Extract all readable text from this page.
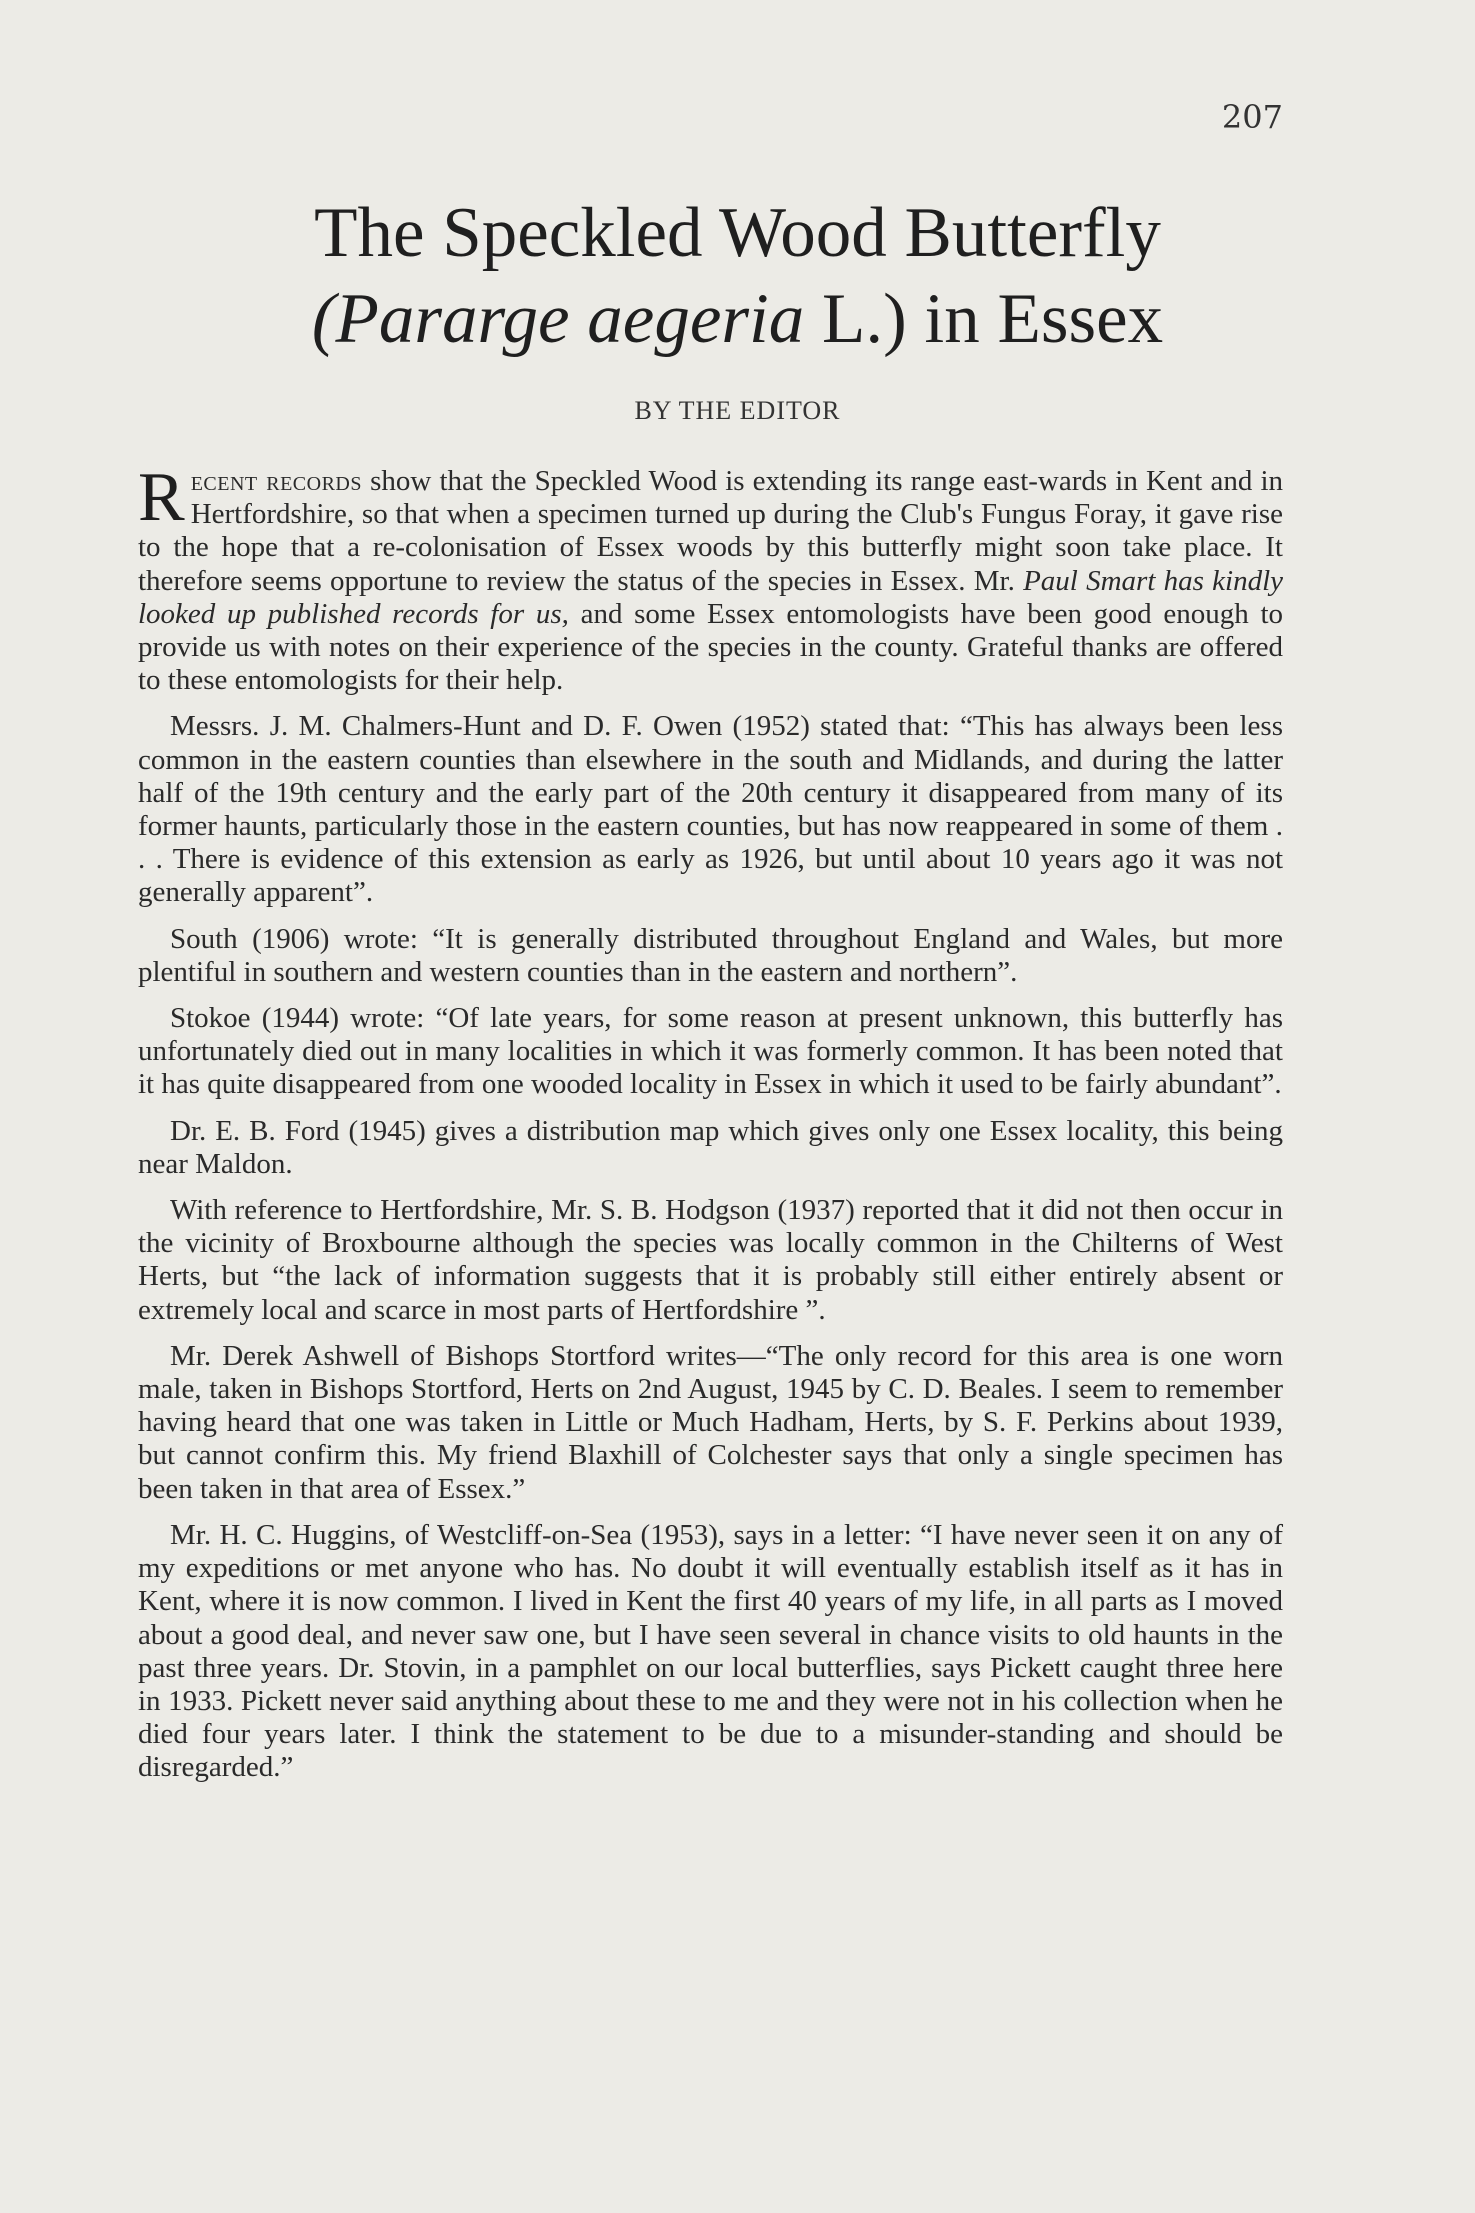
207
The Speckled Wood Butterfly
(Pararge aegeria L.) in Essex
BY THE EDITOR

Recent records show that the Speckled Wood is extending its range east-wards in Kent and in Hertfordshire, so that when a specimen turned up during the Club's Fungus Foray, it gave rise to the hope that a re-colonisation of Essex woods by this butterfly might soon take place. It therefore seems opportune to review the status of the species in Essex. Mr. Paul Smart has kindly looked up published records for us, and some Essex entomologists have been good enough to provide us with notes on their experience of the species in the county. Grateful thanks are offered to these entomologists for their help.

Messrs. J. M. Chalmers-Hunt and D. F. Owen (1952) stated that: “This has always been less common in the eastern counties than elsewhere in the south and Midlands, and during the latter half of the 19th century and the early part of the 20th century it disappeared from many of its former haunts, particularly those in the eastern counties, but has now reappeared in some of them . . . There is evidence of this extension as early as 1926, but until about 10 years ago it was not generally apparent”.

South (1906) wrote: “It is generally distributed throughout England and Wales, but more plentiful in southern and western counties than in the eastern and northern”.

Stokoe (1944) wrote: “Of late years, for some reason at present unknown, this butterfly has unfortunately died out in many localities in which it was formerly common. It has been noted that it has quite disappeared from one wooded locality in Essex in which it used to be fairly abundant”.

Dr. E. B. Ford (1945) gives a distribution map which gives only one Essex locality, this being near Maldon.

With reference to Hertfordshire, Mr. S. B. Hodgson (1937) reported that it did not then occur in the vicinity of Broxbourne although the species was locally common in the Chilterns of West Herts, but “the lack of information suggests that it is probably still either entirely absent or extremely local and scarce in most parts of Hertfordshire ”.

Mr. Derek Ashwell of Bishops Stortford writes—“The only record for this area is one worn male, taken in Bishops Stortford, Herts on 2nd August, 1945 by C. D. Beales. I seem to remember having heard that one was taken in Little or Much Hadham, Herts, by S. F. Perkins about 1939, but cannot confirm this. My friend Blaxhill of Colchester says that only a single specimen has been taken in that area of Essex.”

Mr. H. C. Huggins, of Westcliff-on-Sea (1953), says in a letter: “I have never seen it on any of my expeditions or met anyone who has. No doubt it will eventually establish itself as it has in Kent, where it is now common. I lived in Kent the first 40 years of my life, in all parts as I moved about a good deal, and never saw one, but I have seen several in chance visits to old haunts in the past three years. Dr. Stovin, in a pamphlet on our local butterflies, says Pickett caught three here in 1933. Pickett never said anything about these to me and they were not in his collection when he died four years later. I think the statement to be due to a misunder-standing and should be disregarded.”
